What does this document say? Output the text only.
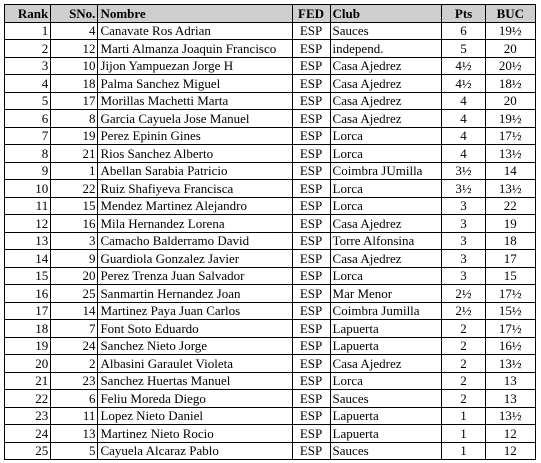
Rank	SNo.	Nombre	FED	Club	Pts	BUC
1	4	Canavate Ros Adrian	ESP	Sauces	6	19½
2	12	Marti Almanza Joaquin Francisco	ESP	independ.	5	20
3	10	Jijon Yampuezan Jorge H	ESP	Casa Ajedrez	4½	20½
4	18	Palma Sanchez Miguel	ESP	Casa Ajedrez	4½	18½
5	17	Morillas Machetti Marta	ESP	Casa Ajedrez	4	20
6	8	Garcia Cayuela Jose Manuel	ESP	Casa Ajedrez	4	19½
7	19	Perez Epinin Gines	ESP	Lorca	4	17½
8	21	Rios Sanchez Alberto	ESP	Lorca	4	13½
9	1	Abellan Sarabia Patricio	ESP	Coimbra JUmilla	3½	14
10	22	Ruiz Shafiyeva Francisca	ESP	Lorca	3½	13½
11	15	Mendez Martinez Alejandro	ESP	Lorca	3	22
12	16	Mila Hernandez Lorena	ESP	Casa Ajedrez	3	19
13	3	Camacho Balderramo David	ESP	Torre Alfonsina	3	18
14	9	Guardiola Gonzalez Javier	ESP	Casa Ajedrez	3	17
15	20	Perez Trenza Juan Salvador	ESP	Lorca	3	15
16	25	Sanmartin Hernandez Joan	ESP	Mar Menor	2½	17½
17	14	Martinez Paya Juan Carlos	ESP	Coimbra Jumilla	2½	15½
18	7	Font Soto Eduardo	ESP	Lapuerta	2	17½
19	24	Sanchez Nieto Jorge	ESP	Lapuerta	2	16½
20	2	Albasini Garaulet Violeta	ESP	Casa Ajedrez	2	13½
21	23	Sanchez Huertas Manuel	ESP	Lorca	2	13
22	6	Feliu Moreda Diego	ESP	Sauces	2	13
23	11	Lopez Nieto Daniel	ESP	Lapuerta	1	13½
24	13	Martinez Nieto Rocio	ESP	Lapuerta	1	12
25	5	Cayuela Alcaraz Pablo	ESP	Sauces	1	12
